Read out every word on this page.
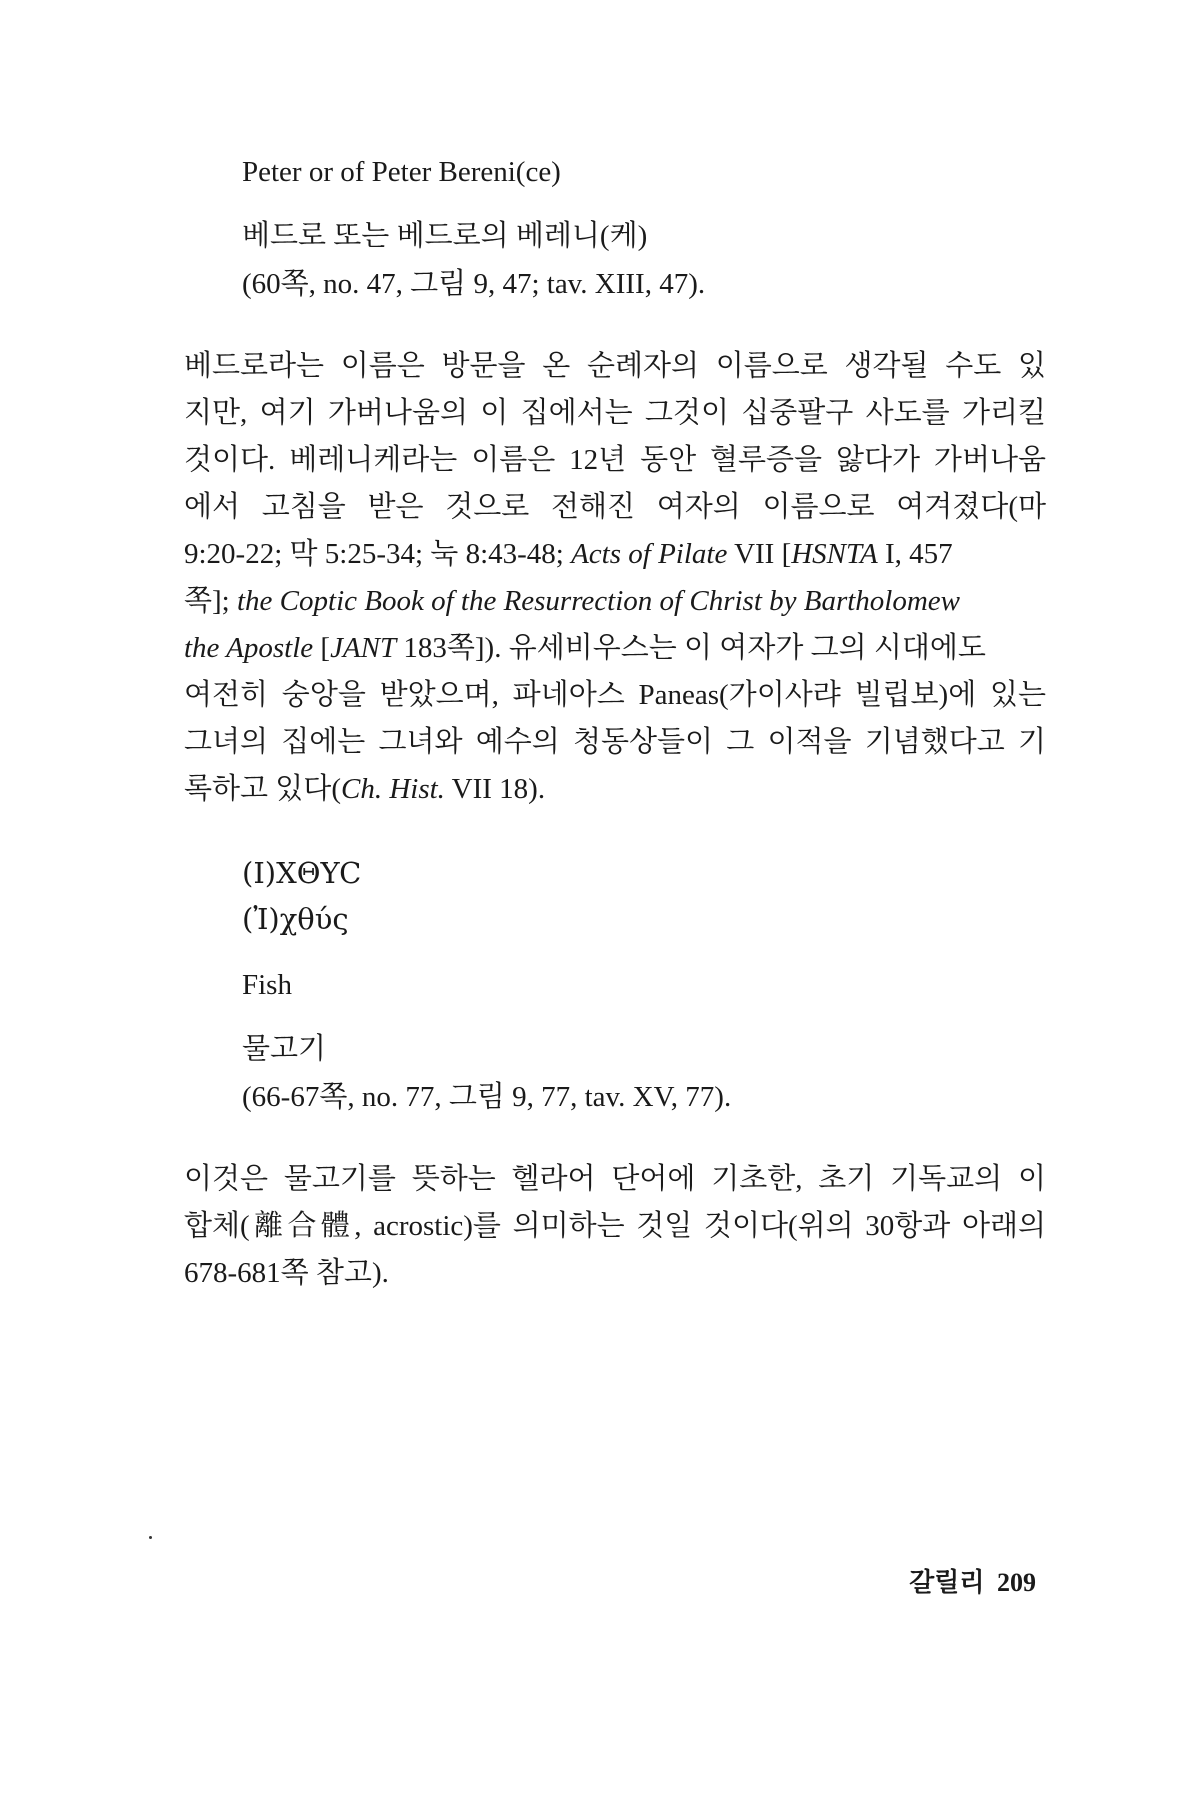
Peter or of Peter Bereni(ce)
베드로 또는 베드로의 베레니(케)
(60쪽, no. 47, 그림 9, 47; tav. XIII, 47).
베드로라는 이름은 방문을 온 순례자의 이름으로 생각될 수도 있
지만, 여기 가버나움의 이 집에서는 그것이 십중팔구 사도를 가리킬
것이다. 베레니케라는 이름은 12년 동안 혈루증을 앓다가 가버나움
에서 고침을 받은 것으로 전해진 여자의 이름으로 여겨졌다(마
9:20-22; 막 5:25-34; 눅 8:43-48; Acts of Pilate VII [HSNTA I, 457
쪽]; the Coptic Book of the Resurrection of Christ by Bartholomew
the Apostle [JANT 183쪽]). 유세비우스는 이 여자가 그의 시대에도
여전히 숭앙을 받았으며, 파네아스 Paneas(가이사랴 빌립보)에 있는
그녀의 집에는 그녀와 예수의 청동상들이 그 이적을 기념했다고 기
록하고 있다(Ch. Hist. VII 18).
(I)XΘYC
(Ἰ)χθύς
Fish
물고기
(66-67쪽, no. 77, 그림 9, 77, tav. XV, 77).
이것은 물고기를 뜻하는 헬라어 단어에 기초한, 초기 기독교의 이
합체(離合體, acrostic)를 의미하는 것일 것이다(위의 30항과 아래의
678-681쪽 참고).
갈릴리 209
